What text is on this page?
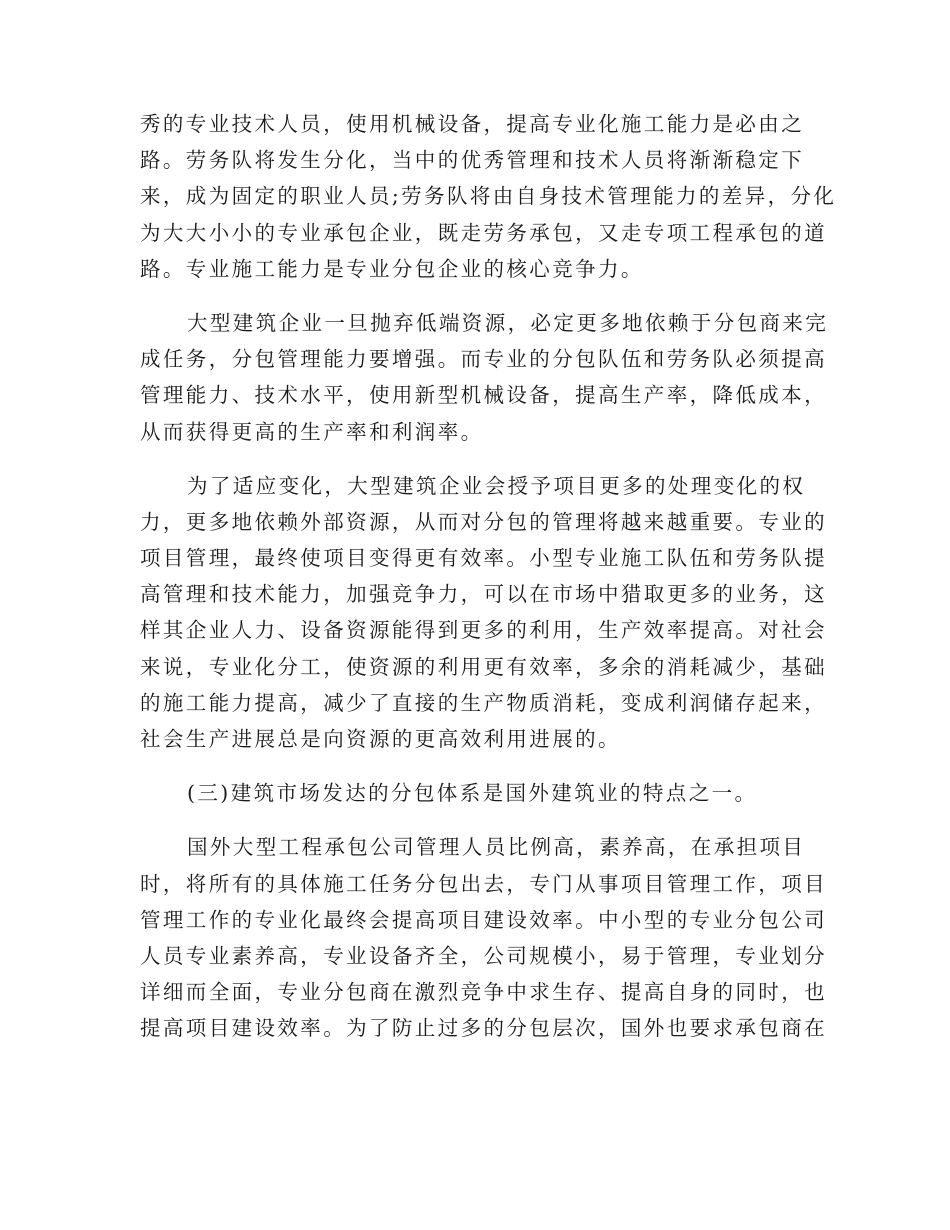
秀的专业技术人员，使用机械设备，提高专业化施工能力是必由之
路。劳务队将发生分化，当中的优秀管理和技术人员将渐渐稳定下
来，成为固定的职业人员;劳务队将由自身技术管理能力的差异，分化
为大大小小的专业承包企业，既走劳务承包，又走专项工程承包的道
路。专业施工能力是专业分包企业的核心竞争力。
大型建筑企业一旦抛弃低端资源，必定更多地依赖于分包商来完
成任务，分包管理能力要增强。而专业的分包队伍和劳务队必须提高
管理能力、技术水平，使用新型机械设备，提高生产率，降低成本，
从而获得更高的生产率和利润率。
为了适应变化，大型建筑企业会授予项目更多的处理变化的权
力，更多地依赖外部资源，从而对分包的管理将越来越重要。专业的
项目管理，最终使项目变得更有效率。小型专业施工队伍和劳务队提
高管理和技术能力，加强竞争力，可以在市场中猎取更多的业务，这
样其企业人力、设备资源能得到更多的利用，生产效率提高。对社会
来说，专业化分工，使资源的利用更有效率，多余的消耗减少，基础
的施工能力提高，减少了直接的生产物质消耗，变成利润储存起来，
社会生产进展总是向资源的更高效利用进展的。
(三)建筑市场发达的分包体系是国外建筑业的特点之一。
国外大型工程承包公司管理人员比例高，素养高，在承担项目
时，将所有的具体施工任务分包出去，专门从事项目管理工作，项目
管理工作的专业化最终会提高项目建设效率。中小型的专业分包公司
人员专业素养高，专业设备齐全，公司规模小，易于管理，专业划分
详细而全面，专业分包商在激烈竞争中求生存、提高自身的同时，也
提高项目建设效率。为了防止过多的分包层次，国外也要求承包商在
